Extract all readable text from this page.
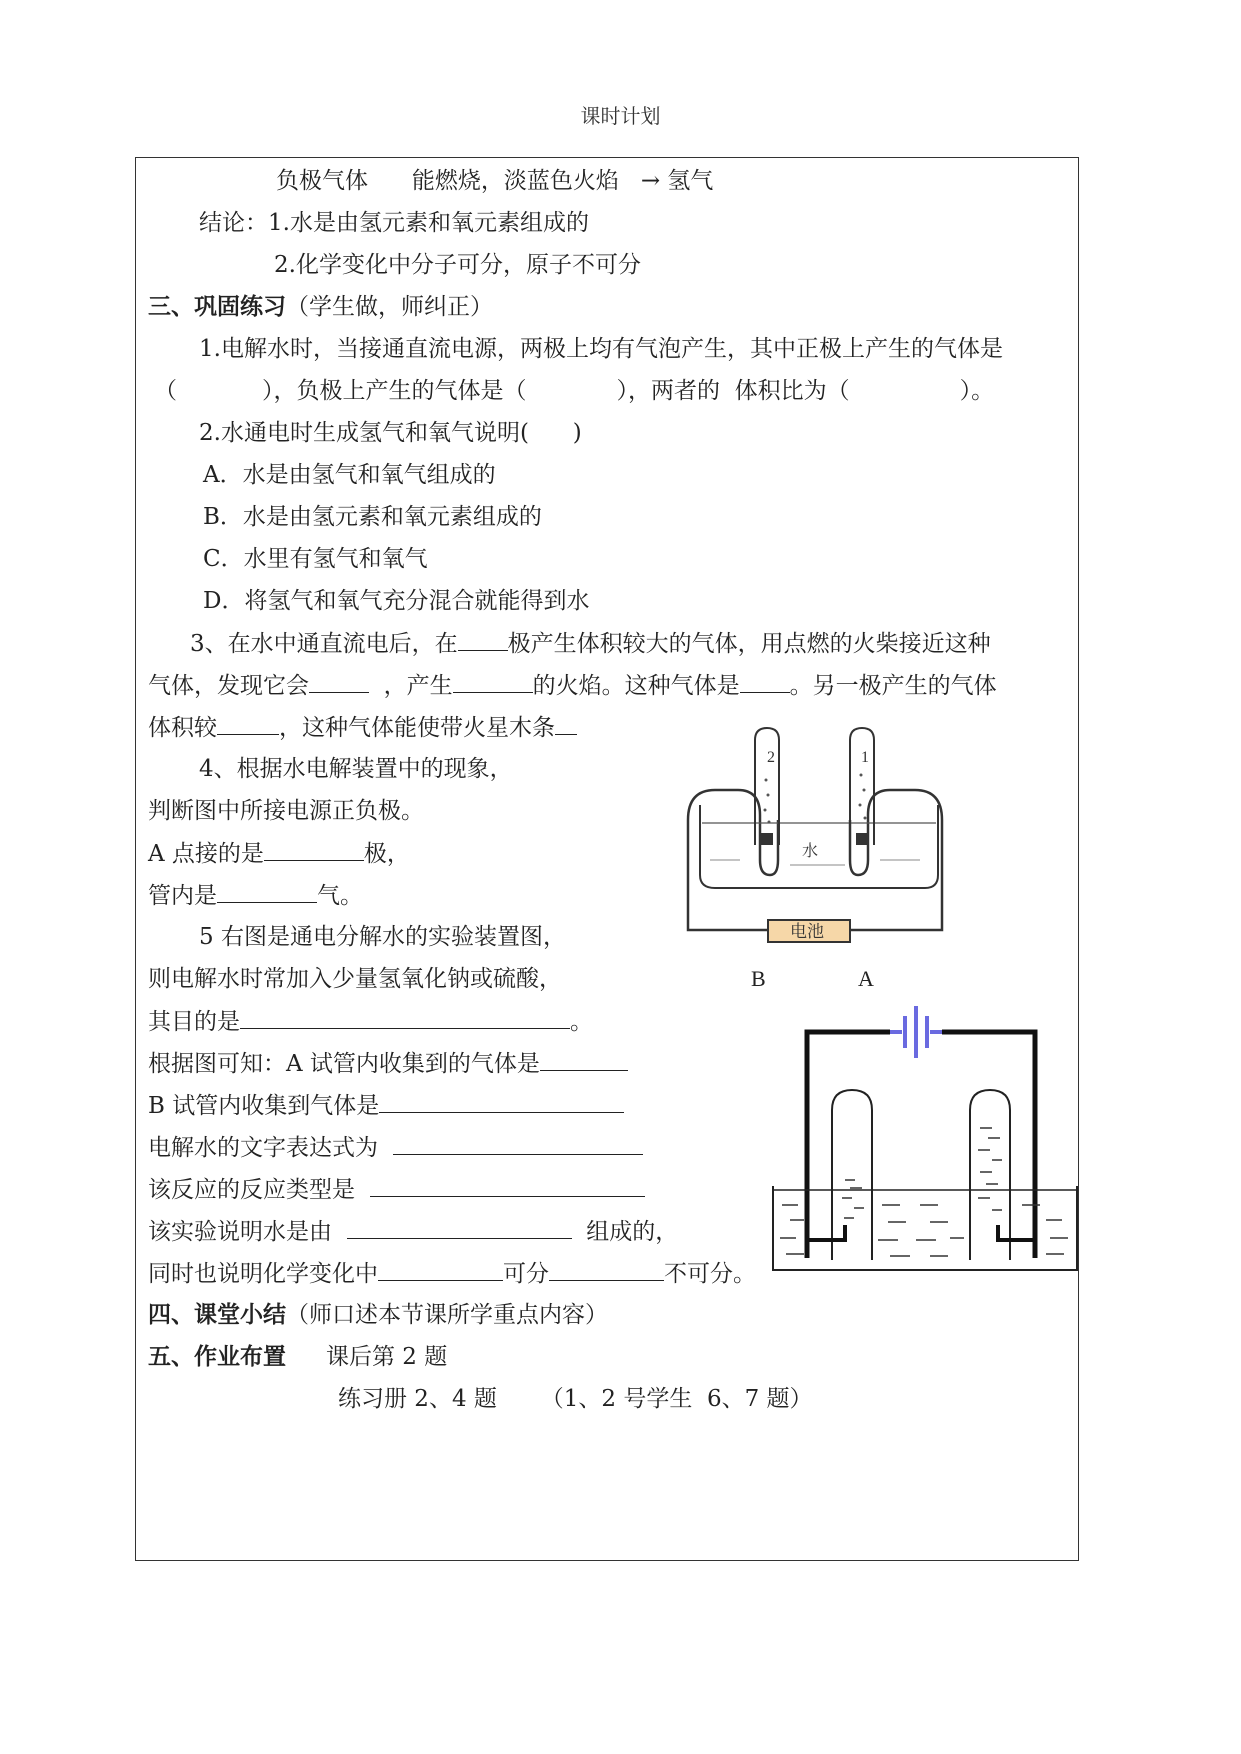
课时计划
负极气体 能燃烧，淡蓝色火焰 → 氢气
结论：1.水是由氢元素和氧元素组成的
2.化学变化中分子可分，原子不可分
三、巩固练习（学生做，师纠正）
1.电解水时，当接通直流电源，两极上均有气泡产生，其中正极上产生的气体是
（	），负极上产生的气体是（	），两者的  体积比为（	）。
2.水通电时生成氢气和氧气说明(      )
A．水是由氢气和氧气组成的
B．水是由氢元素和氧元素组成的
C．水里有氢气和氧气
D．将氢气和氧气充分混合就能得到水
3、在水中通直流电后，在 极产生体积较大的气体，用点燃的火柴接近这种
气体，发现它会	，产生	的火焰。这种气体是 。另一极产生的气体
体积较	，这种气体能使带火星木条
4、根据水电解装置中的现象，
判断图中所接电源正负极。
A 点接的是	极，
管内是	气。
5 右图是通电分解水的实验装置图，
则电解水时常加入少量氢氧化钠或硫酸，
其目的是	。
根据图可知：A 试管内收集到的气体是
B 试管内收集到气体是
电解水的文字表达式为
该反应的反应类型是
该实验说明水是由	组成的，
同时也说明化学变化中	可分	不可分。
四、课堂小结（师口述本节课所学重点内容）
五、作业布置 课后第 2 题
练习册 2、4 题      （1、2 号学生  6、7 题）
2	1
水
电池
B	A
